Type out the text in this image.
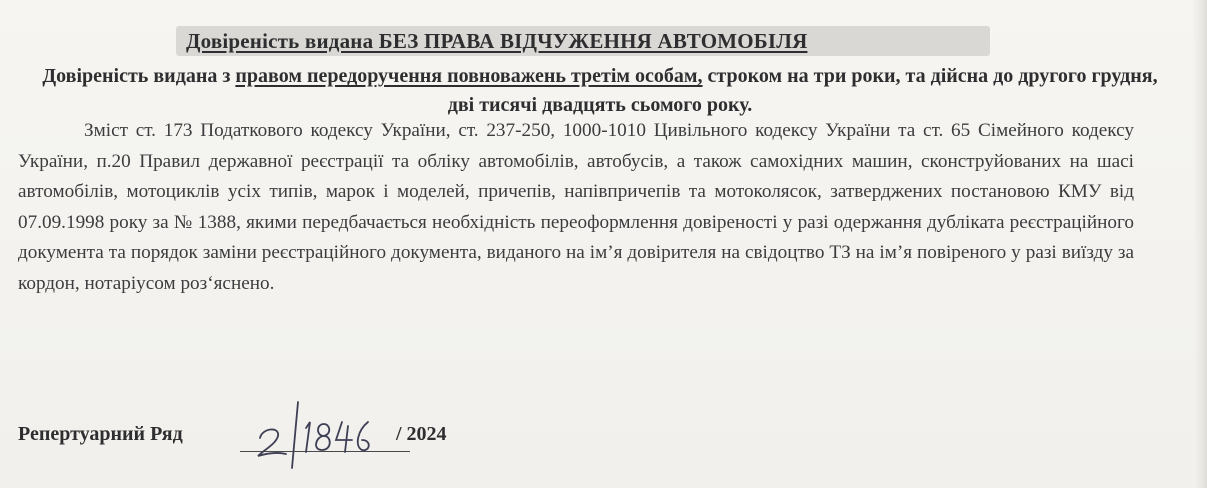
Довіреність видана БЕЗ ПРАВА ВІДЧУЖЕННЯ АВТОМОБІЛЯ
Довіреність видана з правом передоручення повноважень третім особам, строком на три роки, та дійсна до другого грудня, дві тисячі двадцять сьомого року.
Зміст ст. 173 Податкового кодексу України, ст. 237-250, 1000-1010 Цивільного кодексу України та ст. 65 Сімейного кодексу України, п.20 Правил державної реєстрації та обліку автомобілів, автобусів, а також самохідних машин, сконструйованих на шасі автомобілів, мотоциклів усіх типів, марок і моделей, причепів, напівпричепів та мотоколясок, затверджених постановою КМУ від 07.09.1998 року за № 1388, якими передбачається необхідність переоформлення довіреності у разі одержання дубліката реєстраційного документа та порядок заміни реєстраційного документа, виданого на ім’я довірителя на свідоцтво ТЗ на ім’я повіреного у разі виїзду за кордон, нотаріусом роз‘яснено.
Репертуарний Ряд	/ 2024
